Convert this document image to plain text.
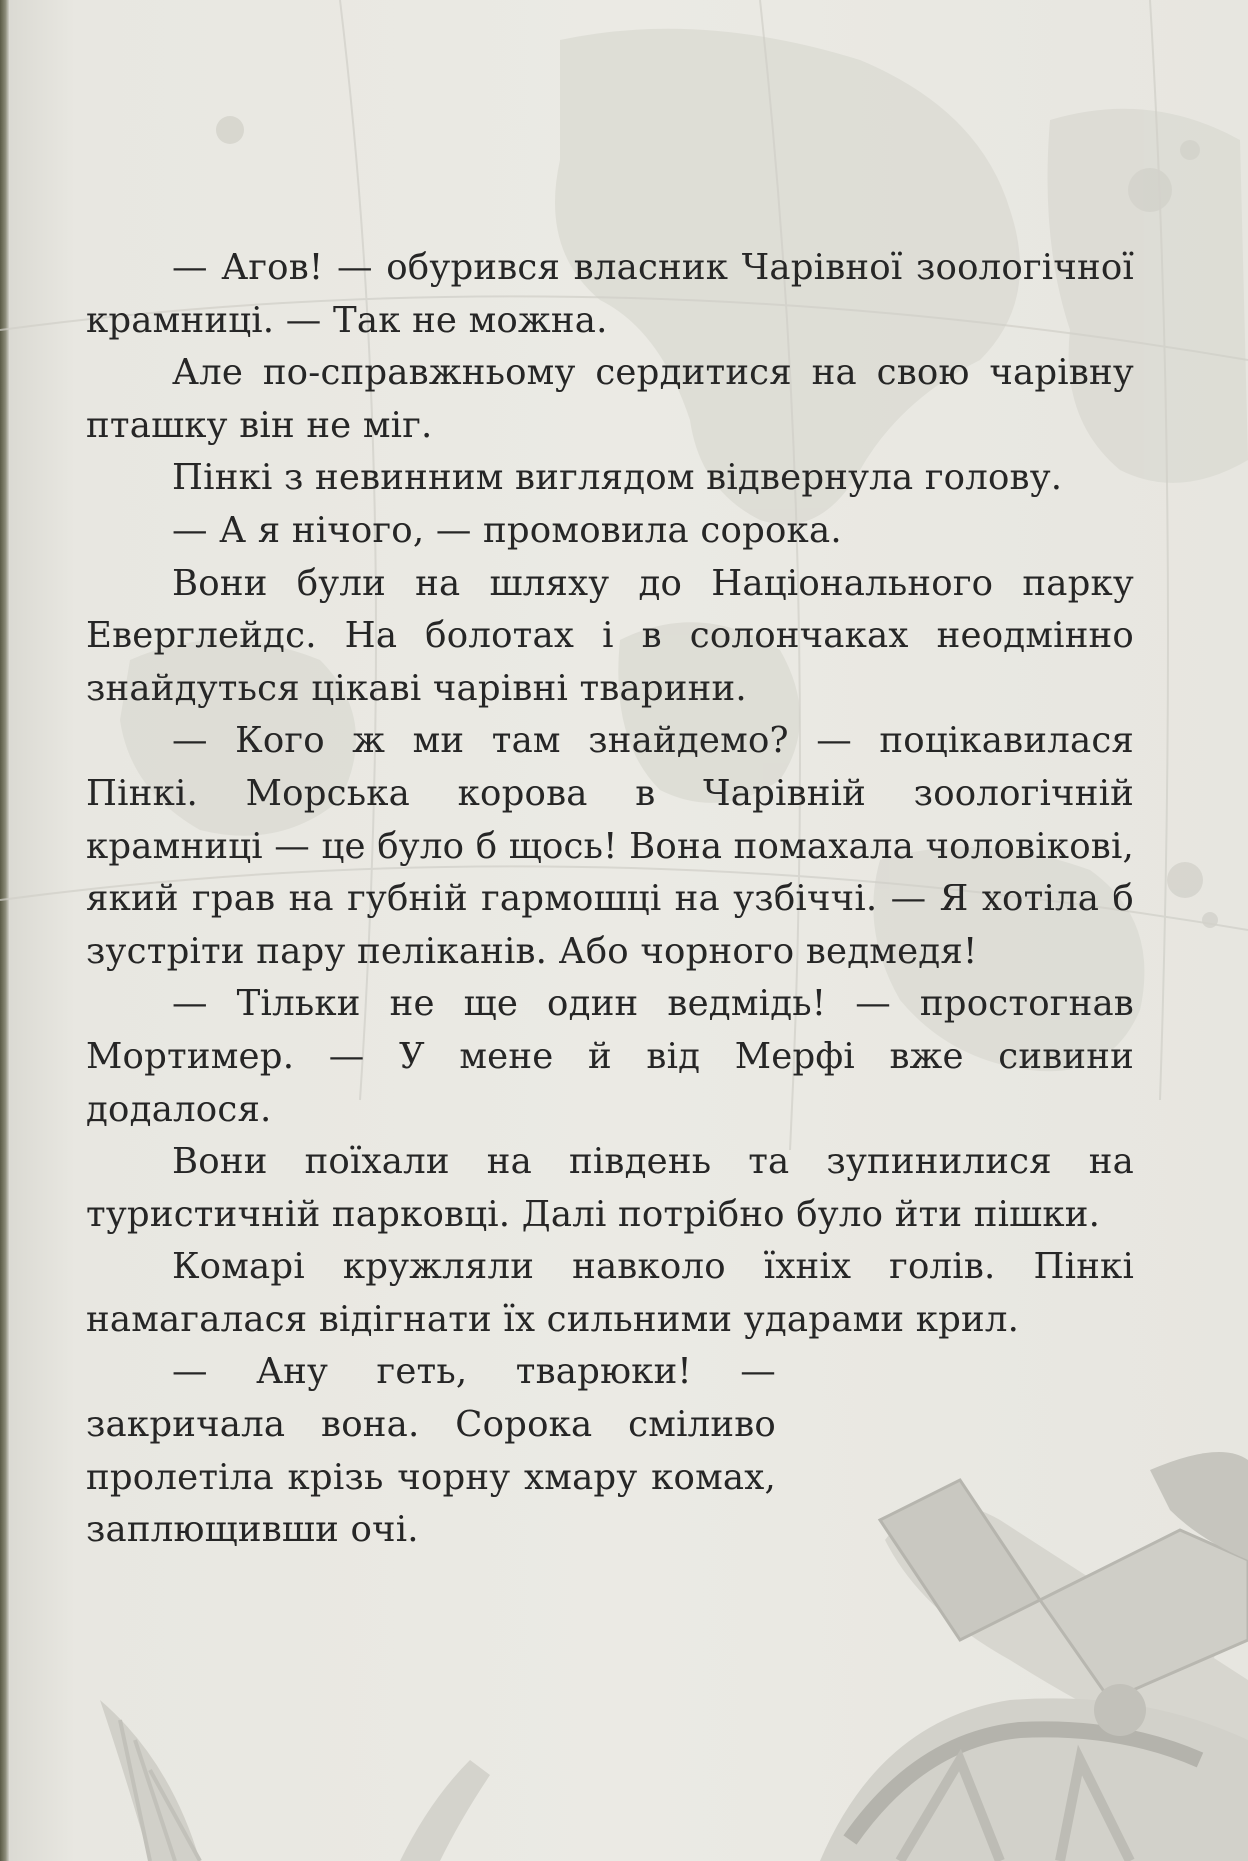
— Агов! — обурився власник Чарівної зоологічної крамниці. — Так не можна.

Але по-справжньому сердитися на свою чарівну пташку він не міг.

Пінкі з невинним виглядом відвернула голову.

— А я нічого, — промовила сорока.

Вони були на шляху до Національного парку Еверглейдс. На болотах і в солончаках неодмінно знайдуться цікаві чарівні тварини.

— Кого ж ми там знайдемо? — поцікавилася Пінкі. Морська корова в Чарівній зоологічній крамниці — це було б щось! Вона помахала чоловікові, який грав на губній гармошці на узбіччі. — Я хотіла б зустріти пару пеліканів. Або чорного ведмедя!

— Тільки не ще один ведмідь! — простогнав Мортимер. — У мене й від Мерфі вже сивини додалося.

Вони поїхали на південь та зупинилися на туристичній парковці. Далі потрібно було йти пішки.

Комарі кружляли навколо їхніх голів. Пінкі намагалася відігнати їх сильними ударами крил.

— Ану геть, тварюки! — закричала вона. Сорока сміливо пролетіла крізь чорну хмару комах, заплющивши очі.
